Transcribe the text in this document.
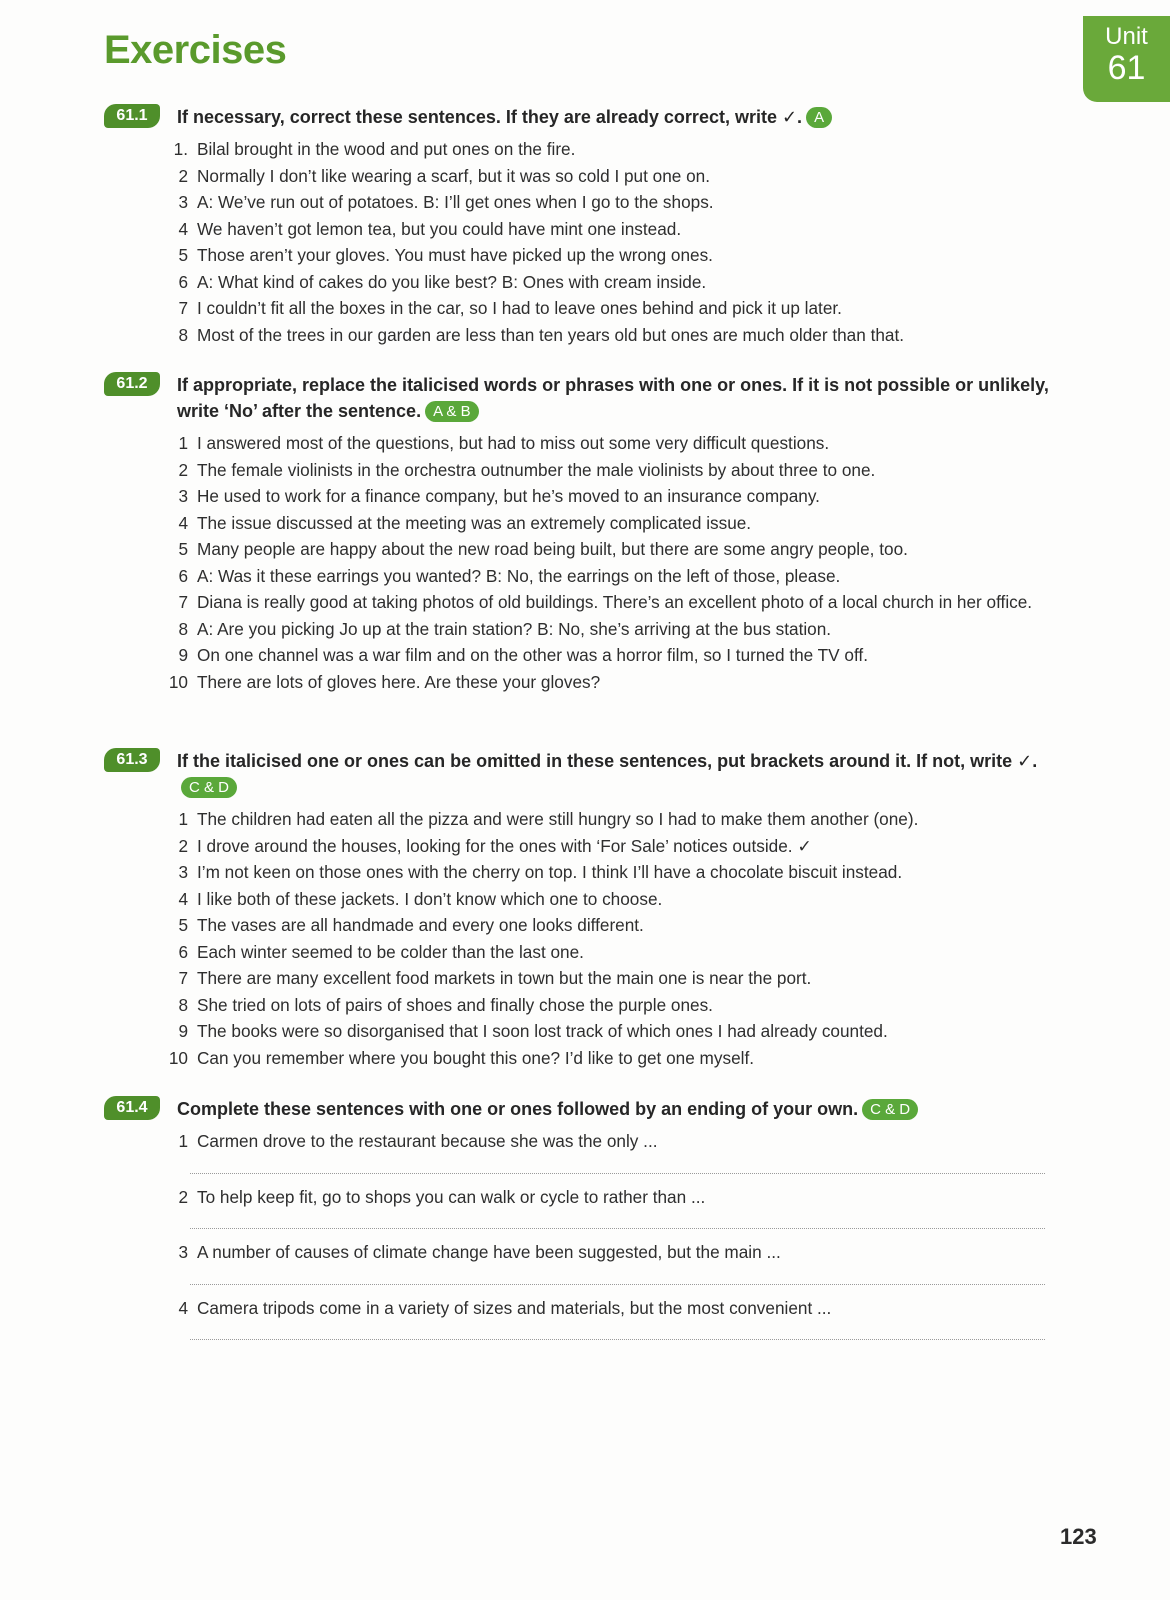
Exercises	Unit
61
61.1	If necessary, correct these sentences. If they are already correct, write ✓. A
1. Bilal brought in the wood and put ones on the fire.
2 Normally I don’t like wearing a scarf, but it was so cold I put one on.
3 A: We’ve run out of potatoes. B: I’ll get ones when I go to the shops.
4 We haven’t got lemon tea, but you could have mint one instead.
5 Those aren’t your gloves. You must have picked up the wrong ones.
6 A: What kind of cakes do you like best? B: Ones with cream inside.
7 I couldn’t fit all the boxes in the car, so I had to leave ones behind and pick it up later.
8 Most of the trees in our garden are less than ten years old but ones are much older than that.
61.2	If appropriate, replace the italicised words or phrases with one or ones. If it is not possible or unlikely, write ‘No’ after the sentence. A & B
1 I answered most of the questions, but had to miss out some very difficult questions.
2 The female violinists in the orchestra outnumber the male violinists by about three to one.
3 He used to work for a finance company, but he’s moved to an insurance company.
4 The issue discussed at the meeting was an extremely complicated issue.
5 Many people are happy about the new road being built, but there are some angry people, too.
6 A: Was it these earrings you wanted? B: No, the earrings on the left of those, please.
7 Diana is really good at taking photos of old buildings. There’s an excellent photo of a local church in her office.
8 A: Are you picking Jo up at the train station? B: No, she’s arriving at the bus station.
9 On one channel was a war film and on the other was a horror film, so I turned the TV off.
10 There are lots of gloves here. Are these your gloves?
61.3	If the italicised one or ones can be omitted in these sentences, put brackets around it. If not, write ✓.C & D
1 The children had eaten all the pizza and were still hungry so I had to make them another (one).
2 I drove around the houses, looking for the ones with ‘For Sale’ notices outside. ✓
3 I’m not keen on those ones with the cherry on top. I think I’ll have a chocolate biscuit instead.
4 I like both of these jackets. I don’t know which one to choose.
5 The vases are all handmade and every one looks different.
6 Each winter seemed to be colder than the last one.
7 There are many excellent food markets in town but the main one is near the port.
8 She tried on lots of pairs of shoes and finally chose the purple ones.
9 The books were so disorganised that I soon lost track of which ones I had already counted.
10 Can you remember where you bought this one? I’d like to get one myself.
61.4	Complete these sentences with one or ones followed by an ending of your own. C & D
1 Carmen drove to the restaurant because she was the only ...
2 To help keep fit, go to shops you can walk or cycle to rather than ...
3 A number of causes of climate change have been suggested, but the main ...
4 Camera tripods come in a variety of sizes and materials, but the most convenient ...
123
